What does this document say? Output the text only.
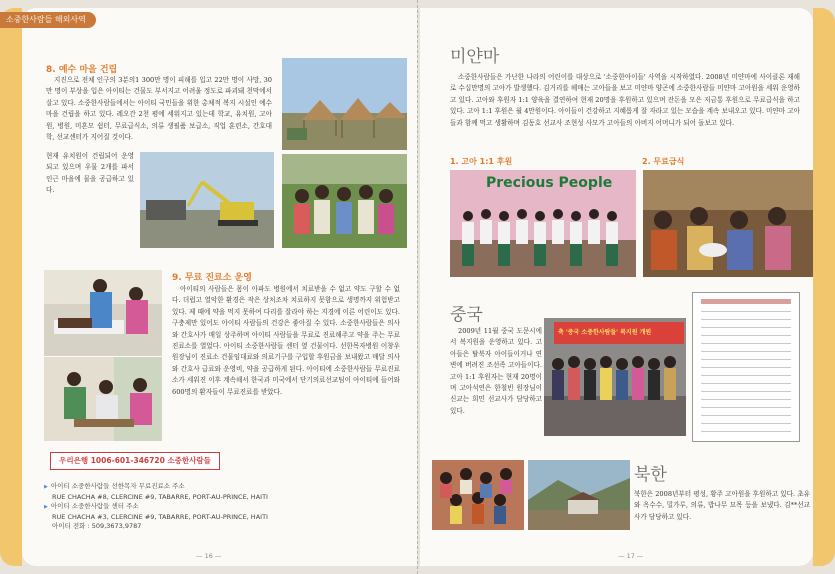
소중한사람들 해외사역
8. 예수 마을 건립
지진으로 전체 인구의 3분의1 300만 명이 피해를 입고 22만 명이 사망, 30만 명이 부상을 입은 아이티는 건물도 부서지고 어려울 정도로 파괴돼 천막에서 살고 있다. 소중한사람들에서는 아이티 국민들을 위한 총체적 복지 시설인 예수마을 건립을 하고 있다. 레오간 2천 평에 세워지고 있는데 학교, 유치원, 고아원, 병원, 미혼모 쉼터, 무료급식소, 의류 생필품 보급소, 직업 훈련소, 간호대학, 선교센터가 지어질 것이다.
현재 유치원이 건립되어 운영되고 있으며 우물 2개를 파서 인근 마을에 물을 공급하고 있다.
9. 무료 진료소 운영
아이티의 사람들은 몸이 아파도 병원에서 치료받을 수 없고 약도 구할 수 없다. 더럽고 열악한 환경은 작은 상처조차 치료하지 못함으로 생명까지 위험받고 있다. 제 때에 약을 먹지 못하여 다리를 잘라야 하는 지경에 이른 어린이도 있다. 구충제만 있어도 아이티 사람들의 건강은 좋아질 수 있다. 소중한사람들은 의사와 간호사가 매일 상주하며 아이티 사람들을 무료로 진료해주고 약을 주는 무료진료소를 열었다. 아이티 소중한사람들 센터 옆 건물이다. 선한목자병원 이창우 원장님이 진료소 건물임대료와 의료기구를 구입할 후원금을 보내왔고 매달 의사와 간호사 급료와 운영비, 약을 공급하게 된다. 아이티에 소중한사람들 무료진료소가 세워진 이후 계속해서 한국과 미국에서 단기의료선교팀이 아이티에 들어와 600명의 환자들이 무료진료를 받았다.
우리은행 1006-601-346720 소중한사람들
▶ 아이티 소중한사람들 선한목자 무료진료소 주소
RUE CHACHA #8, CLERCINE #9, TABARRE, PORT-AU-PRINCE, HAITI
▶ 아이티 소중한사람들 센터 주소
RUE CHACHA #3, CLERCINE #9, TABARRE, PORT-AU-PRINCE, HAITI
아이티 전화 : 509,3673,9787
— 16 —
미얀마
소중한사람들은 가난한 나라의 어린이를 대상으로 '소중한아이들' 사역을 시작하였다. 2008년 미얀마에 사이클론 재해로 수십만명의 고아가 발생했다. 김거리를 헤매는 고아들을 보고 미얀마 양곤에 소중한사람들 미얀마 고아원을 세워 운영하고 있다. 고아와 후원자 1:1 양육을 결연하여 현재 20명을 후원하고 있으며 잔돈을 모은 저금통 후원으로 무료급식을 하고 있다. 고아 1:1 후원은 월 4만원이다. 아이들이 건강하고 지혜롭게 잘 자라고 있는 모습을 계속 보내오고 있다. 미얀마 고아들과 함께 먹고 생활하며 김동호 선교사 조현성 사모가 고아들의 아버지 어머니가 되어 돌보고 있다.
1. 고아 1:1 후원	2. 무료급식
Precious People
중국
2009년 11월 중국 도문시에서 복지원을 운영하고 있다. 고아들은 탈북자 아이들이거나 연변에 버려진 조선족 고아들이다. 고아 1:1 후원자는 현재 20명이며 고아석연은 한철빈 원장님이 신교는 희민 선교사가 담당하고 있다.
축 '중국 소중한사람들' 복지원 개원
북한
북한은 2008년부터 평성, 황주 고아원을 후원하고 있다. 초유와 옥수수, 밀가루, 의류, 밥나무 묘목 등을 보냈다. 김**선교사가 담당하고 있다.
— 17 —
